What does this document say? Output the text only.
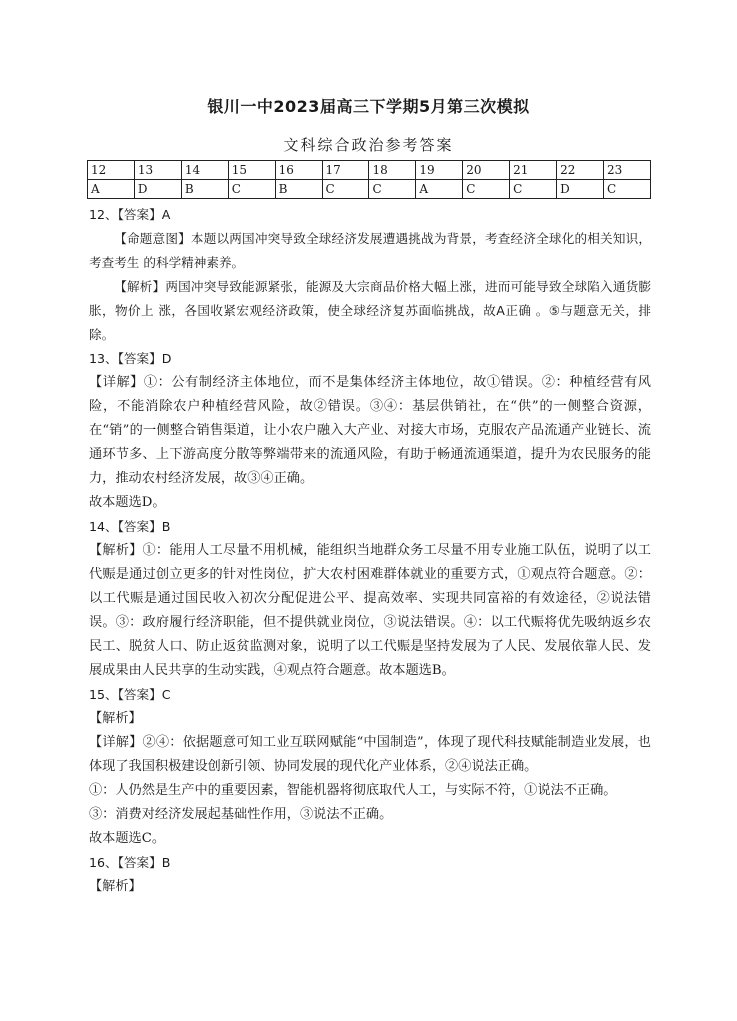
银川一中2023届高三下学期5月第三次模拟
文科综合政治参考答案
12	13	14	15	16	17	18	19	20	21	22	23
A	D	B	C	B	C	C	A	C	C	D	C

12、【答案】A

【命题意图】本题以两国冲突导致全球经济发展遭遇挑战为背景，考查经济全球化的相关知识，考查考生 的科学精神素养。

【解析】两国冲突导致能源紧张，能源及大宗商品价格大幅上涨，进而可能导致全球陷入通货膨胀，物价上 涨，各国收紧宏观经济政策，使全球经济复苏面临挑战，故A正确 。⑤与题意无关，排除。

13、【答案】D

【详解】①：公有制经济主体地位，而不是集体经济主体地位，故①错误。②：种植经营有风险，不能消除农户种植经营风险，故②错误。③④：基层供销社，在“供”的一侧整合资源，在“销”的一侧整合销售渠道，让小农户融入大产业、对接大市场，克服农产品流通产业链长、流通环节多、上下游高度分散等弊端带来的流通风险，有助于畅通流通渠道，提升为农民服务的能力，推动农村经济发展，故③④正确。

故本题选D。

14、【答案】B

【解析】①：能用人工尽量不用机械，能组织当地群众务工尽量不用专业施工队伍，说明了以工代赈是通过创立更多的针对性岗位，扩大农村困难群体就业的重要方式，①观点符合题意。②：以工代赈是通过国民收入初次分配促进公平、提高效率、实现共同富裕的有效途径，②说法错误。③：政府履行经济职能，但不提供就业岗位，③说法错误。④：以工代赈将优先吸纳返乡农民工、脱贫人口、防止返贫监测对象，说明了以工代赈是坚持发展为了人民、发展依靠人民、发展成果由人民共享的生动实践，④观点符合题意。故本题选B。

15、【答案】C

【解析】

【详解】②④：依据题意可知工业互联网赋能“中国制造”，体现了现代科技赋能制造业发展，也体现了我国积极建设创新引领、协同发展的现代化产业体系，②④说法正确。

①：人仍然是生产中的重要因素，智能机器将彻底取代人工，与实际不符，①说法不正确。

③：消费对经济发展起基础性作用，③说法不正确。

故本题选C。

16、【答案】B

【解析】
